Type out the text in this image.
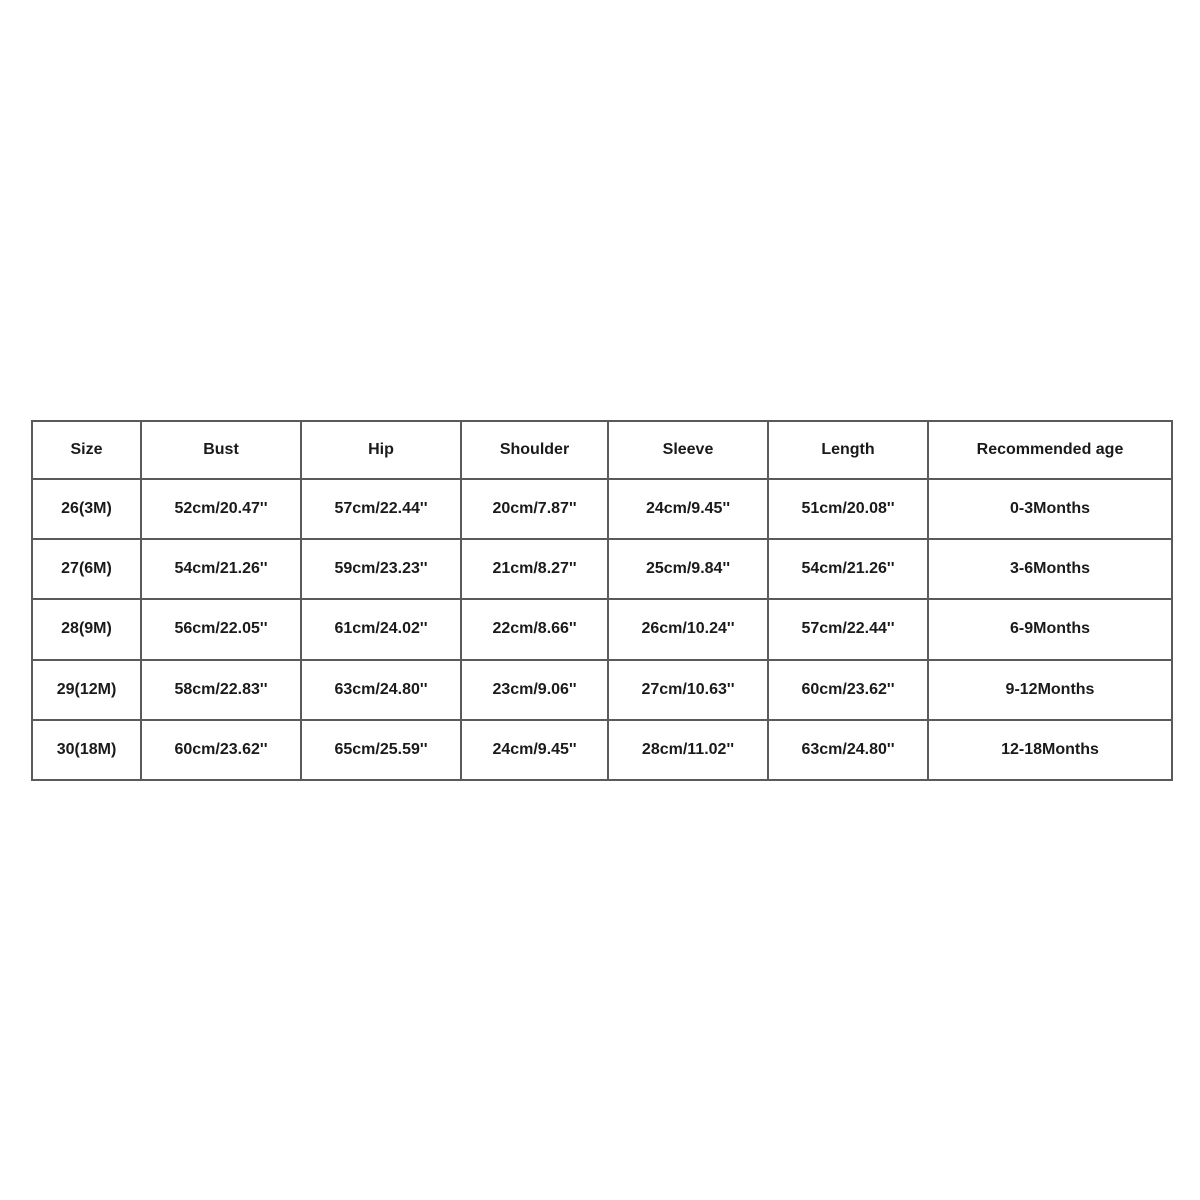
Size	Bust	Hip	Shoulder	Sleeve	Length	Recommended age
26(3M)	52cm/20.47''	57cm/22.44''	20cm/7.87''	24cm/9.45''	51cm/20.08''	0-3Months
27(6M)	54cm/21.26''	59cm/23.23''	21cm/8.27''	25cm/9.84''	54cm/21.26''	3-6Months
28(9M)	56cm/22.05''	61cm/24.02''	22cm/8.66''	26cm/10.24''	57cm/22.44''	6-9Months
29(12M)	58cm/22.83''	63cm/24.80''	23cm/9.06''	27cm/10.63''	60cm/23.62''	9-12Months
30(18M)	60cm/23.62''	65cm/25.59''	24cm/9.45''	28cm/11.02''	63cm/24.80''	12-18Months
